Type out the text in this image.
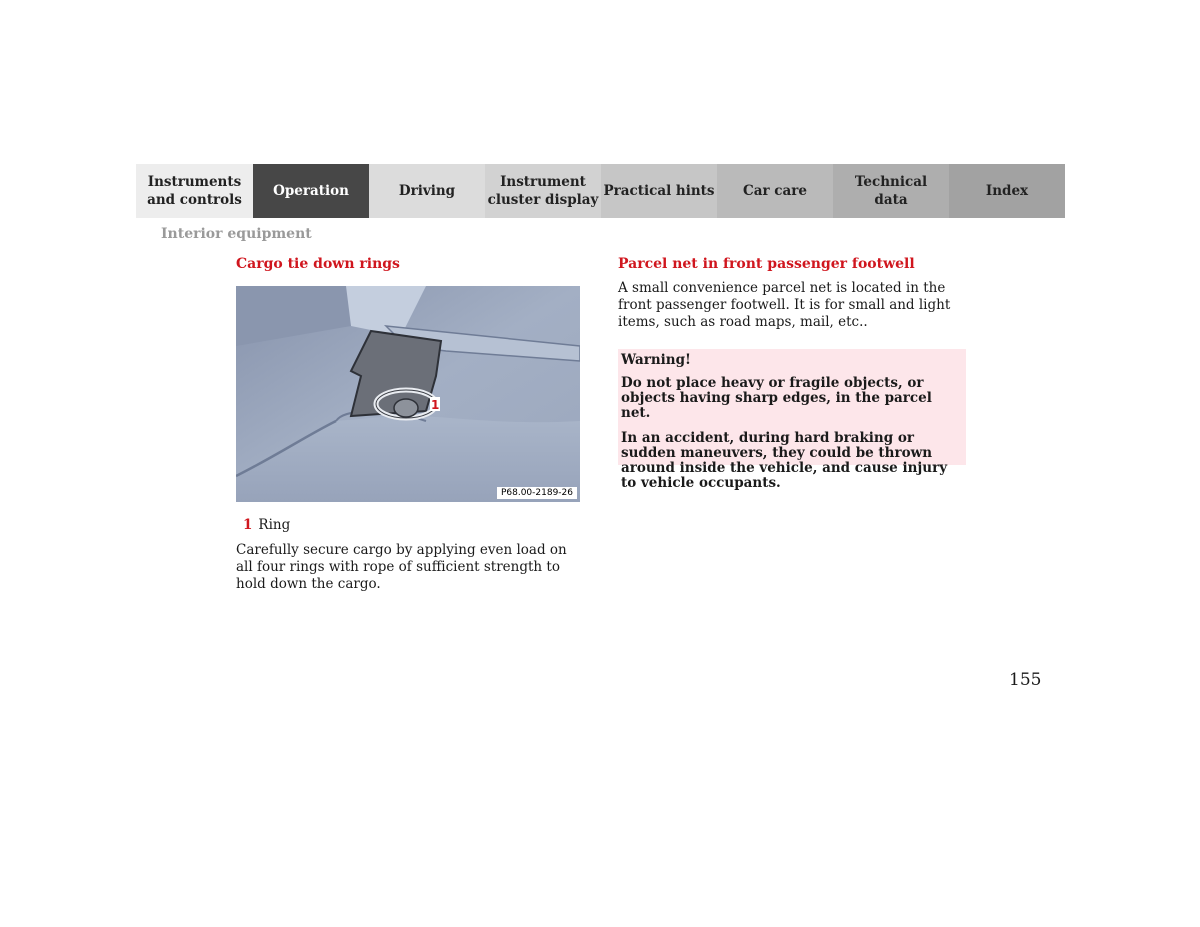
Instruments
and controls
Operation	Driving
Instrument
cluster display
Practical hints	Car care
Technical
data
Index
Interior equipment
Cargo tie down rings
1
P68.00-2189-26
1 Ring

Carefully secure cargo by applying even load on all four rings with rope of sufficient strength to hold down the cargo.

Parcel net in front passenger footwell

A small convenience parcel net is located in the front passenger footwell. It is for small and light items, such as road maps, mail, etc..

Warning!

Do not place heavy or fragile objects, or objects having sharp edges, in the parcel net.

In an accident, during hard braking or sudden maneuvers, they could be thrown around inside the vehicle, and cause injury to vehicle occupants.

155
